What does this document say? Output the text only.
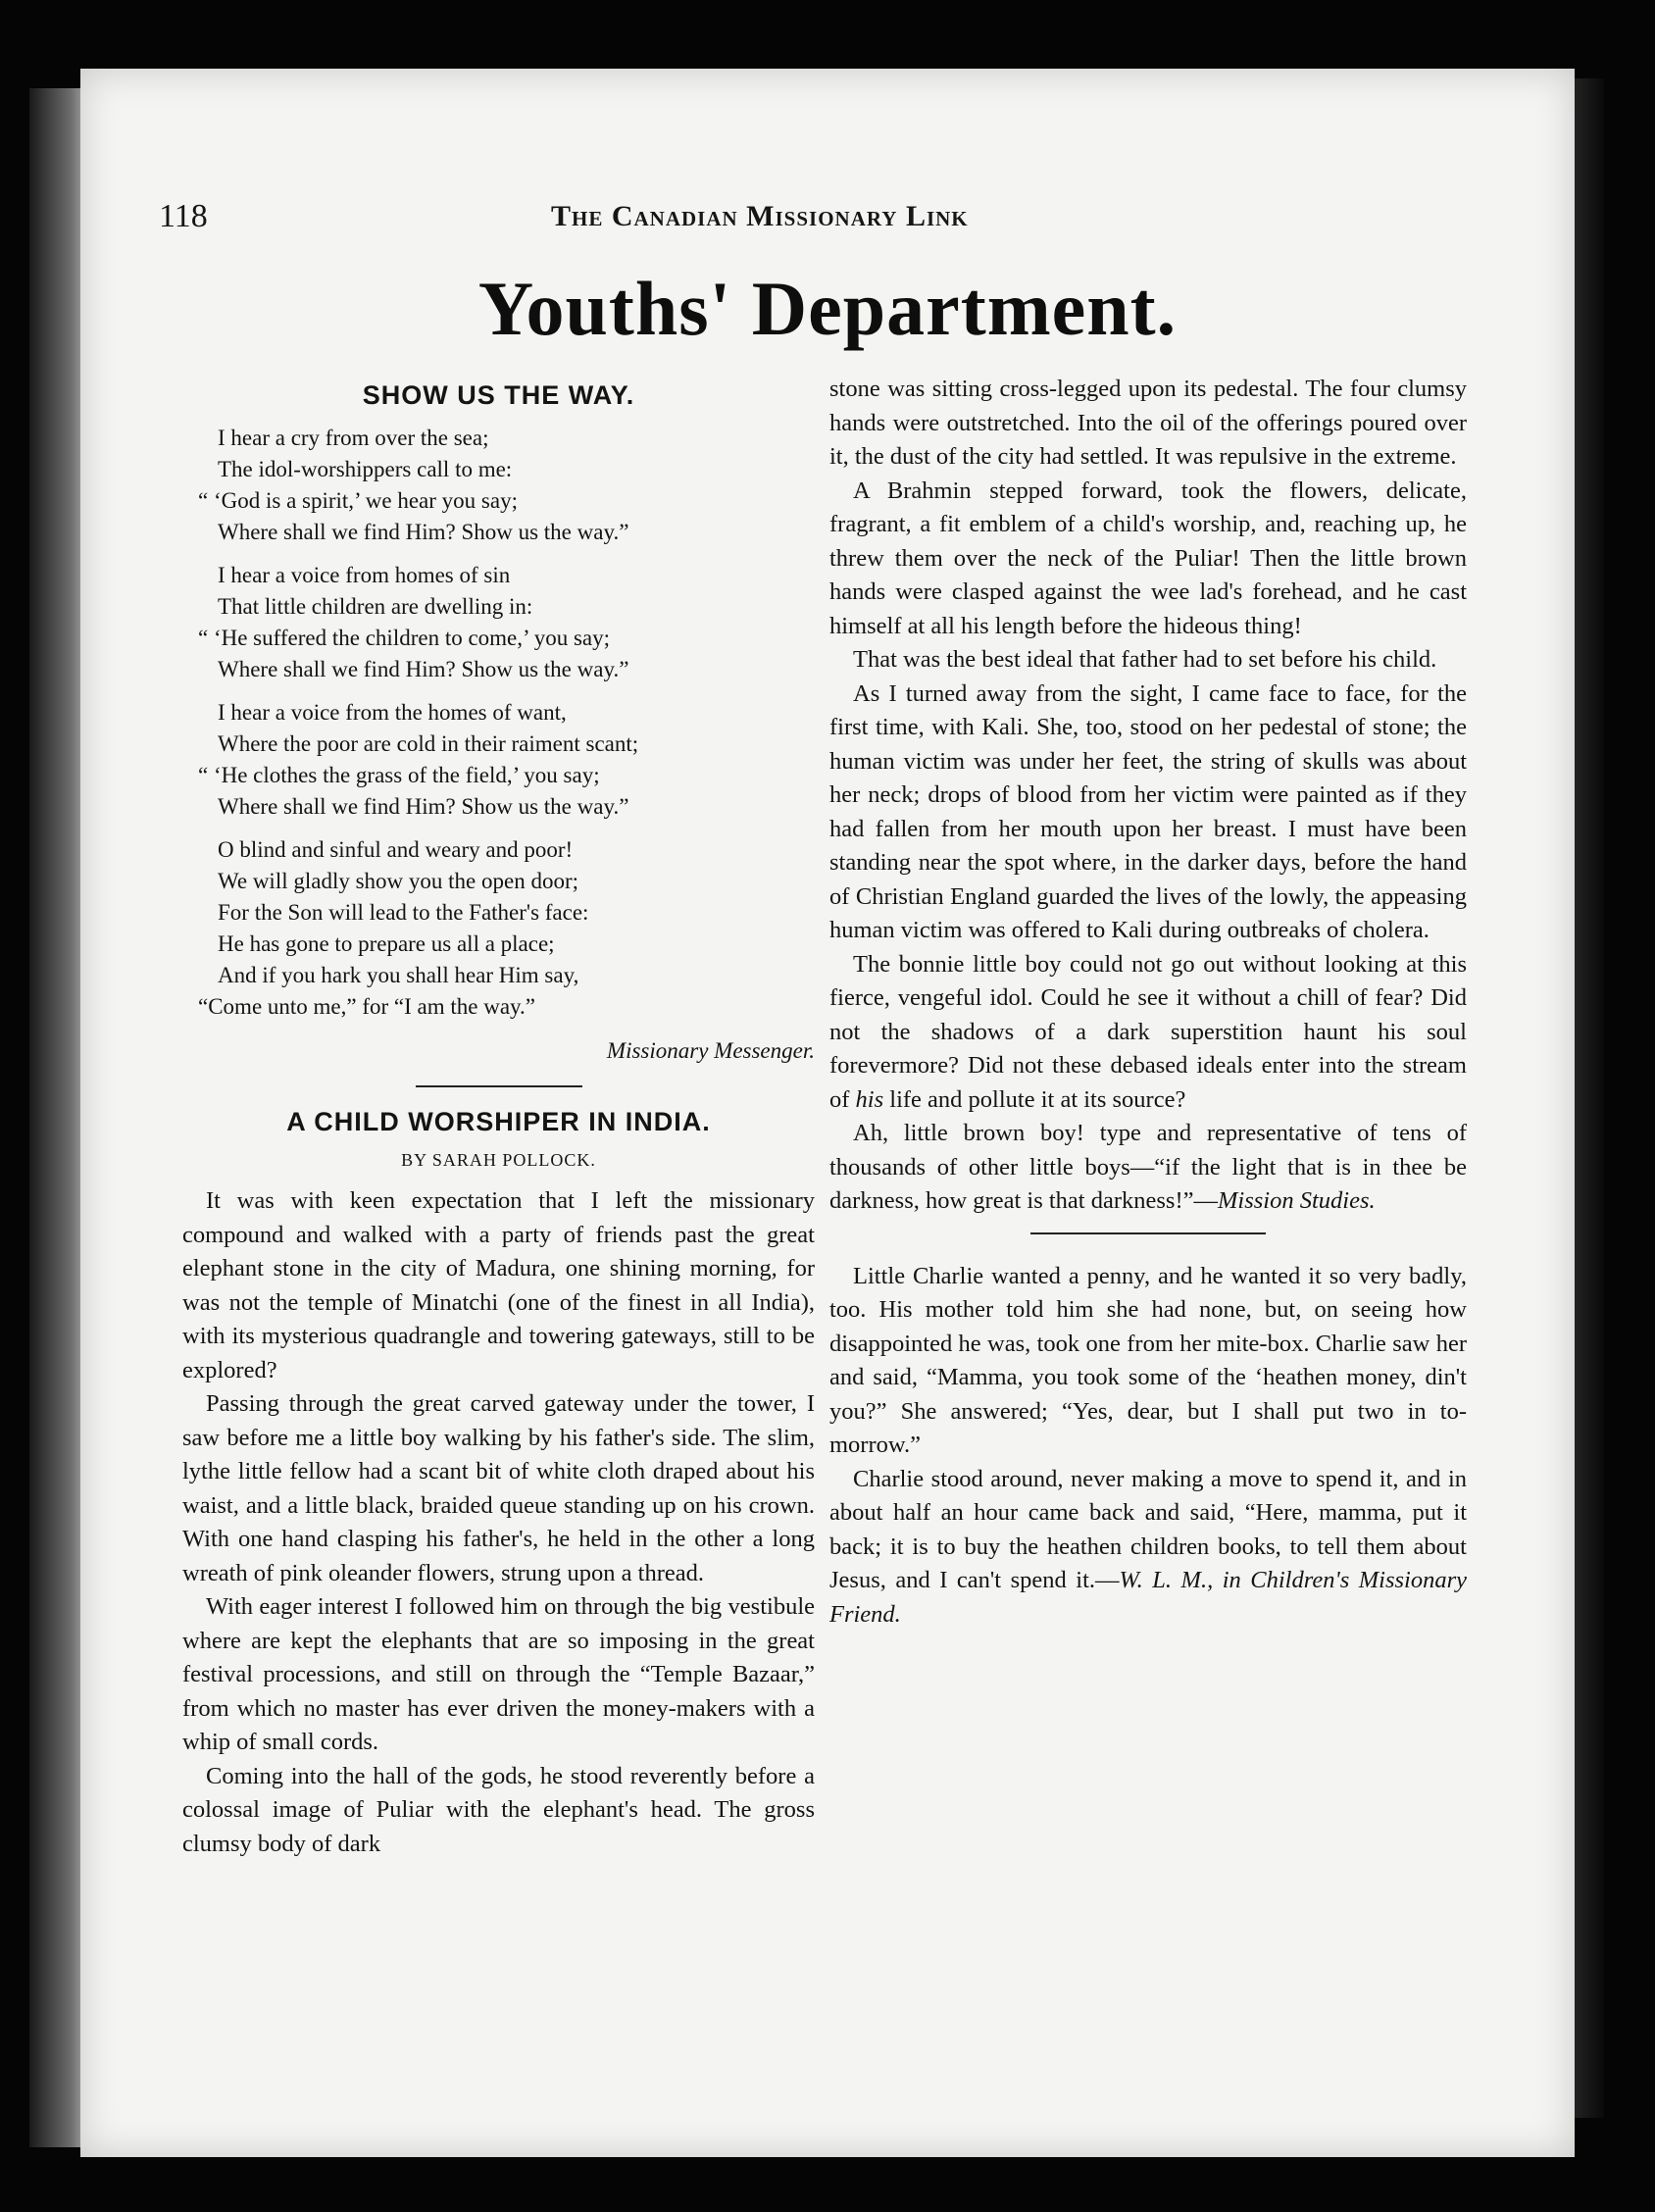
118	The Canadian Missionary Link
Youths' Department.
SHOW US THE WAY.
I hear a cry from over the sea;
The idol-worshippers call to me:
“ ‘God is a spirit,’ we hear you say;
Where shall we find Him? Show us the way.”
I hear a voice from homes of sin
That little children are dwelling in:
“ ‘He suffered the children to come,’ you say;
Where shall we find Him? Show us the way.”
I hear a voice from the homes of want,
Where the poor are cold in their raiment scant;
“ ‘He clothes the grass of the field,’ you say;
Where shall we find Him? Show us the way.”
O blind and sinful and weary and poor!
We will gladly show you the open door;
For the Son will lead to the Father's face:
He has gone to prepare us all a place;
And if you hark you shall hear Him say,
“Come unto me,” for “I am the way.”
Missionary Messenger.
A CHILD WORSHIPER IN INDIA.
BY SARAH POLLOCK.

It was with keen expectation that I left the missionary compound and walked with a party of friends past the great elephant stone in the city of Madura, one shining morning, for was not the temple of Minatchi (one of the finest in all India), with its mysterious quadrangle and towering gateways, still to be explored?

Passing through the great carved gateway under the tower, I saw before me a little boy walking by his father's side. The slim, lythe little fellow had a scant bit of white cloth draped about his waist, and a little black, braided queue standing up on his crown. With one hand clasping his father's, he held in the other a long wreath of pink oleander flowers, strung upon a thread.

With eager interest I followed him on through the big vestibule where are kept the elephants that are so imposing in the great festival processions, and still on through the “Temple Bazaar,” from which no master has ever driven the money-makers with a whip of small cords.

Coming into the hall of the gods, he stood reverently before a colossal image of Puliar with the elephant's head. The gross clumsy body of dark

stone was sitting cross-legged upon its pedestal. The four clumsy hands were outstretched. Into the oil of the offerings poured over it, the dust of the city had settled. It was repulsive in the extreme.

A Brahmin stepped forward, took the flowers, delicate, fragrant, a fit emblem of a child's worship, and, reaching up, he threw them over the neck of the Puliar! Then the little brown hands were clasped against the wee lad's forehead, and he cast himself at all his length before the hideous thing!

That was the best ideal that father had to set before his child.

As I turned away from the sight, I came face to face, for the first time, with Kali. She, too, stood on her pedestal of stone; the human victim was under her feet, the string of skulls was about her neck; drops of blood from her victim were painted as if they had fallen from her mouth upon her breast. I must have been standing near the spot where, in the darker days, before the hand of Christian England guarded the lives of the lowly, the appeasing human victim was offered to Kali during outbreaks of cholera.

The bonnie little boy could not go out without looking at this fierce, vengeful idol. Could he see it without a chill of fear? Did not the shadows of a dark superstition haunt his soul forevermore? Did not these debased ideals enter into the stream of his life and pollute it at its source?

Ah, little brown boy! type and representative of tens of thousands of other little boys—“if the light that is in thee be darkness, how great is that darkness!”—Mission Studies.

Little Charlie wanted a penny, and he wanted it so very badly, too. His mother told him she had none, but, on seeing how disappointed he was, took one from her mite-box. Charlie saw her and said, “Mamma, you took some of the ‘heathen money, din't you?” She answered; “Yes, dear, but I shall put two in to-morrow.”

Charlie stood around, never making a move to spend it, and in about half an hour came back and said, “Here, mamma, put it back; it is to buy the heathen children books, to tell them about Jesus, and I can't spend it.—W. L. M., in Children's Missionary Friend.
